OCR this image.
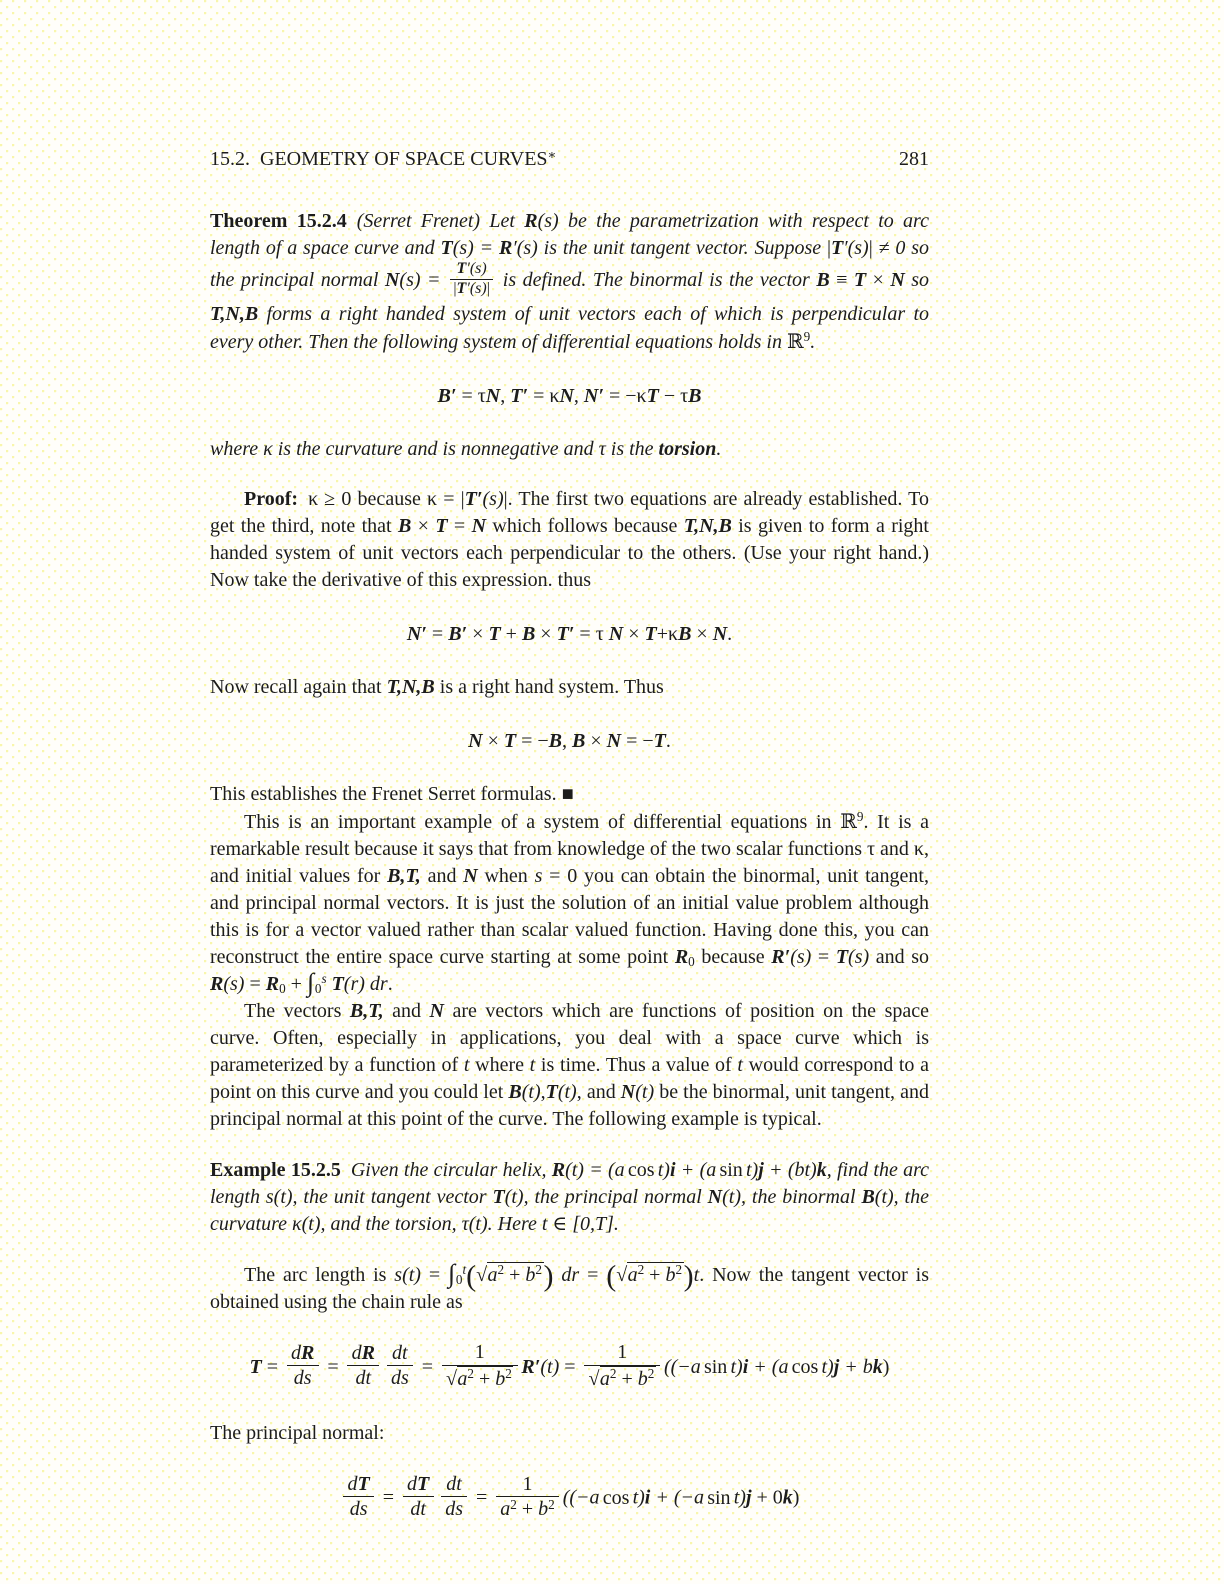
15.2. GEOMETRY OF SPACE CURVES∗	281
Theorem 15.2.4 (Serret Frenet) Let R(s) be the parametrization with respect to arc length of a space curve and T(s) = R′(s) is the unit tangent vector. Suppose |T′(s)| ≠ 0 so the principal normal $N(s) = \frac{T'(s)}{|T'(s)|}$ is defined. The binormal is the vector B ≡ T × N so T,N,B forms a right handed system of unit vectors each of which is perpendicular to every other. Then the following system of differential equations holds in ℝ$^9$.
B′ = τN, T′ = κN, N′ = −κT − τB
where κ is the curvature and is nonnegative and τ is the torsion.
Proof: κ ≥ 0 because κ = |T′(s)|. The first two equations are already established. To get the third, note that B × T = N which follows because T,N,B is given to form a right handed system of unit vectors each perpendicular to the others. (Use your right hand.) Now take the derivative of this expression. thus
N′ = B′ × T + B × T′ = τ N × T+κB × N.
Now recall again that T,N,B is a right hand system. Thus
N × T = −B, B × N = −T.
This establishes the Frenet Serret formulas. ■
This is an important example of a system of differential equations in ℝ$^9$. It is a remarkable result because it says that from knowledge of the two scalar functions τ and κ, and initial values for B,T, and N when s = 0 you can obtain the binormal, unit tangent, and principal normal vectors. It is just the solution of an initial value problem although this is for a vector valued rather than scalar valued function. Having done this, you can reconstruct the entire space curve starting at some point R0 because R′(s) = T(s) and so $R(s) = R0 + \int 0^s$ T(r) dr.
The vectors B,T, and N are vectors which are functions of position on the space curve. Often, especially in applications, you deal with a space curve which is parameterized by a function of t where t is time. Thus a value of t would correspond to a point on this curve and you could let B(t),T(t), and N(t) be the binormal, unit tangent, and principal normal at this point of the curve. The following example is typical.
Example 15.2.5 Given the circular helix, R(t) = (a cos t)i + (a sin t)j + (bt)k, find the arc length s(t), the unit tangent vector T(t), the principal normal N(t), the binormal B(t), the curvature κ(t), and the torsion, τ(t). Here t ∈ [0,T].
The arc length is $s(t) = \int 0^t(√a^2 + b^2)$ dr = $(√a^2 + b^2)t$. Now the tangent vector is obtained using the chain rule as
$T = \frac{dR}{ds} = \frac{dR}{dt} \frac{dt}{ds} = \frac{1}{√a^2 + b^2} R'(t) = \frac{1}{√a^2 + b^2} ((-a$ sin t)i + (a cos t)j + bk)
The principal normal:
$\frac{dT}{ds} = \frac{dT}{dt} \frac{dt}{ds} = \frac{1}{a^2 + b^2} ((-a$ cos t)i + (−a sin t)j + 0k)
